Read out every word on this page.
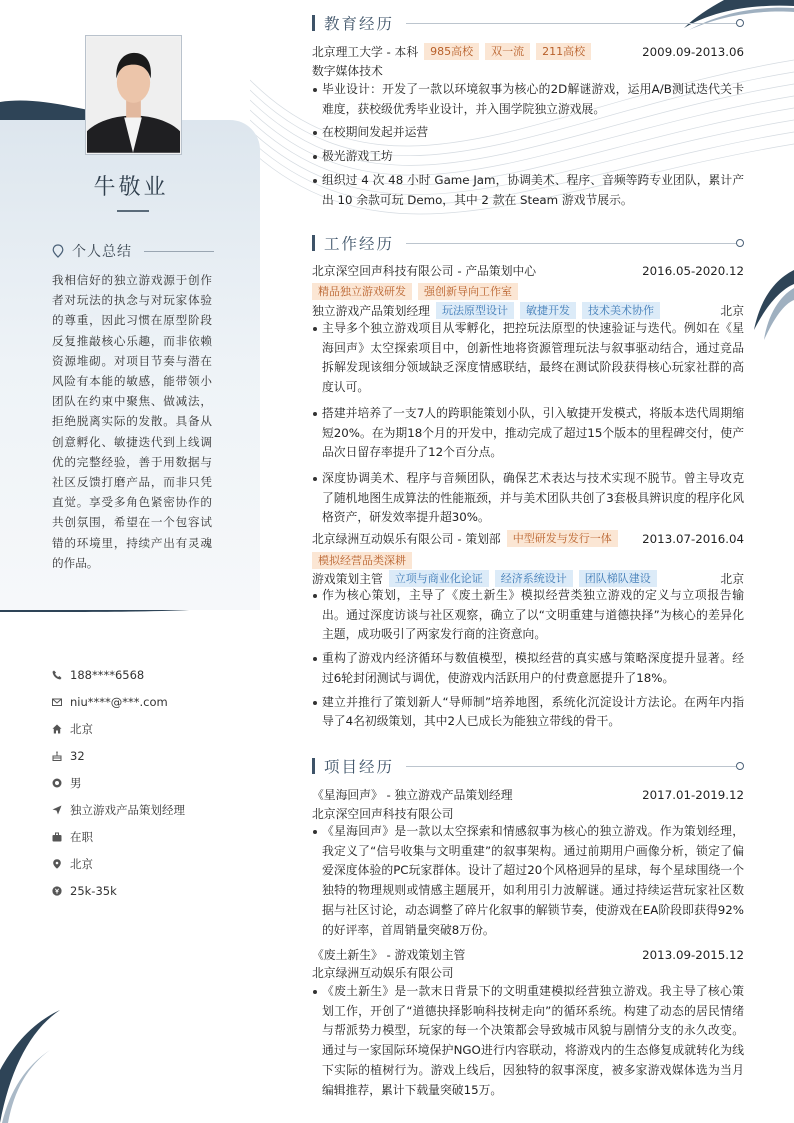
牛敬业
个人总结

我相信好的独立游戏源于创作者对玩法的执念与对玩家体验的尊重，因此习惯在原型阶段反复推敲核心乐趣，而非依赖资源堆砌。对项目节奏与潜在风险有本能的敏感，能带领小团队在约束中聚焦、做减法，拒绝脱离实际的发散。具备从创意孵化、敏捷迭代到上线调优的完整经验，善于用数据与社区反馈打磨产品，而非只凭直觉。享受多角色紧密协作的共创氛围，希望在一个包容试错的环境里，持续产出有灵魂的作品。

188****6568
niu****@***.com
北京
32
男
独立游戏产品策划经理
在职
北京
25k-35k
教育经历
北京理工大学 - 本科	985高校	双一流	211高校	2009.09-2013.06
数字媒体技术
毕业设计：开发了一款以环境叙事为核心的2D解谜游戏，运用A/B测试迭代关卡难度，获校级优秀毕业设计，并入围学院独立游戏展。
在校期间发起并运营
极光游戏工坊
组织过 4 次 48 小时 Game Jam，协调美术、程序、音频等跨专业团队，累计产出 10 余款可玩 Demo，其中 2 款在 Steam 游戏节展示。
工作经历
北京深空回声科技有限公司 - 产品策划中心	2016.05-2020.12
精品独立游戏研发	强创新导向工作室
独立游戏产品策划经理	玩法原型设计	敏捷开发	技术美术协作	北京
主导多个独立游戏项目从零孵化，把控玩法原型的快速验证与迭代。例如在《星海回声》太空探索项目中，创新性地将资源管理玩法与叙事驱动结合，通过竞品拆解发现该细分领域缺乏深度情感联结，最终在测试阶段获得核心玩家社群的高度认可。
搭建并培养了一支7人的跨职能策划小队，引入敏捷开发模式，将版本迭代周期缩短20%。在为期18个月的开发中，推动完成了超过15个版本的里程碑交付，使产品次日留存率提升了12个百分点。
深度协调美术、程序与音频团队，确保艺术表达与技术实现不脱节。曾主导攻克了随机地图生成算法的性能瓶颈，并与美术团队共创了3套极具辨识度的程序化风格资产，研发效率提升超30%。
北京绿洲互动娱乐有限公司 - 策划部	中型研发与发行一体	2013.07-2016.04
模拟经营品类深耕
游戏策划主管	立项与商业化论证	经济系统设计	团队梯队建设	北京
作为核心策划，主导了《废土新生》模拟经营类独立游戏的定义与立项报告输出。通过深度访谈与社区观察，确立了以“文明重建与道德抉择”为核心的差异化主题，成功吸引了两家发行商的注资意向。
重构了游戏内经济循环与数值模型，模拟经营的真实感与策略深度提升显著。经过6轮封闭测试与调优，使游戏内活跃用户的付费意愿提升了18%。
建立并推行了策划新人“导师制”培养地图，系统化沉淀设计方法论。在两年内指导了4名初级策划，其中2人已成长为能独立带线的骨干。
项目经历
《星海回声》 - 独立游戏产品策划经理	2017.01-2019.12
北京深空回声科技有限公司
《星海回声》是一款以太空探索和情感叙事为核心的独立游戏。作为策划经理，我定义了“信号收集与文明重建”的叙事架构。通过前期用户画像分析，锁定了偏爱深度体验的PC玩家群体。设计了超过20个风格迥异的星球，每个星球围绕一个独特的物理规则或情感主题展开，如利用引力波解谜。通过持续运营玩家社区数据与社区讨论，动态调整了碎片化叙事的解锁节奏，使游戏在EA阶段即获得92%的好评率，首周销量突破8万份。
《废土新生》 - 游戏策划主管	2013.09-2015.12
北京绿洲互动娱乐有限公司
《废土新生》是一款末日背景下的文明重建模拟经营独立游戏。我主导了核心策划工作，开创了“道德抉择影响科技树走向”的循环系统。构建了动态的居民情绪与帮派势力模型，玩家的每一个决策都会导致城市风貌与剧情分支的永久改变。通过与一家国际环境保护NGO进行内容联动，将游戏内的生态修复成就转化为线下实际的植树行为。游戏上线后，因独特的叙事深度，被多家游戏媒体选为当月编辑推荐，累计下载量突破15万。
